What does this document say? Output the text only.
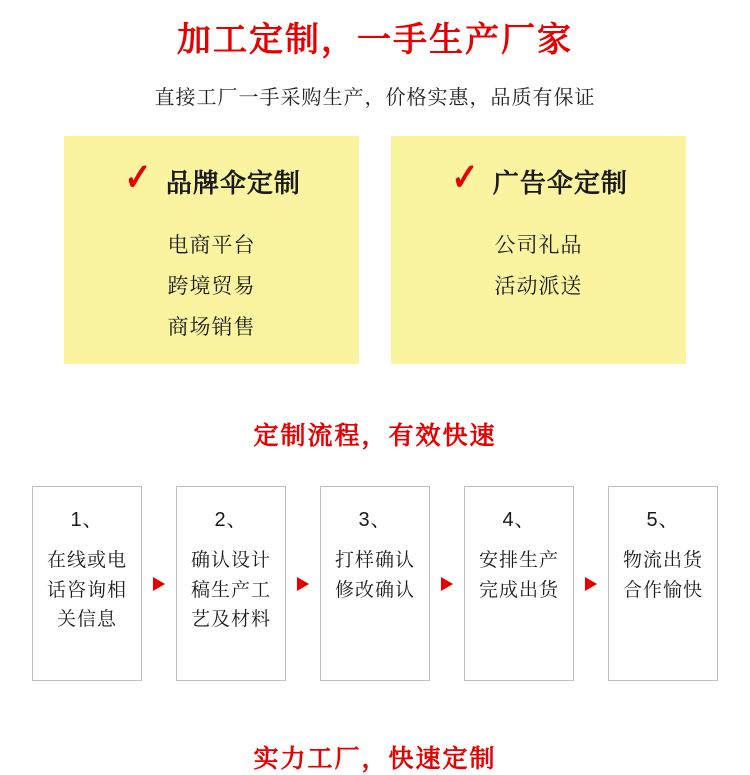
加工定制，一手生产厂家
直接工厂一手采购生产，价格实惠，品质有保证
✓ 品牌伞定制
电商平台
跨境贸易
商场销售
✓ 广告伞定制
公司礼品
活动派送
定制流程，有效快速
1、
在线或电话咨询相关信息
2、
确认设计稿生产工艺及材料
3、
打样确认修改确认
4、
安排生产完成出货
5、
物流出货合作愉快
实力工厂，快速定制
